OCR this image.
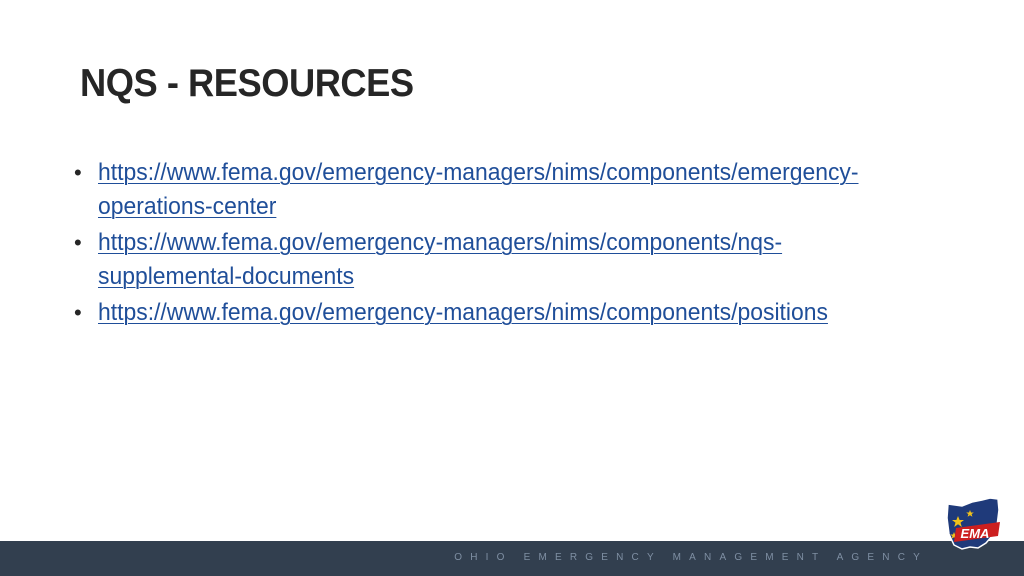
NQS - RESOURCES
• https://www.fema.gov/emergency-managers/nims/components/emergency-operations-center
• https://www.fema.gov/emergency-managers/nims/components/nqs-supplemental-documents
• https://www.fema.gov/emergency-managers/nims/components/positions
OHIO EMERGENCY MANAGEMENT AGENCY
EMA
